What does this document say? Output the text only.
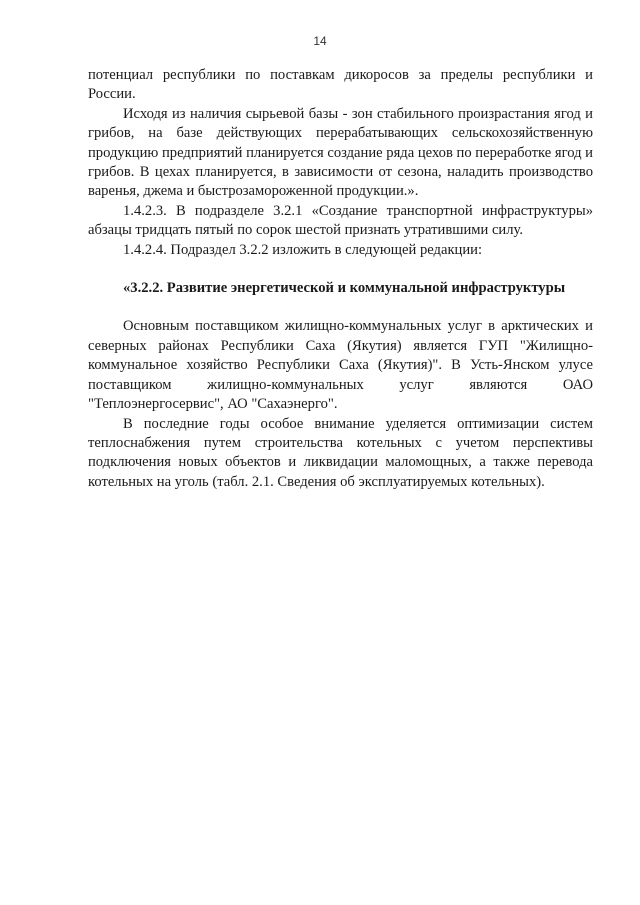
14

потенциал республики по поставкам дикоросов за пределы республики и России.

Исходя из наличия сырьевой базы - зон стабильного произрастания ягод и грибов, на базе действующих перерабатывающих сельскохозяйственную продукцию предприятий планируется создание ряда цехов по переработке ягод и грибов. В цехах планируется, в зависимости от сезона, наладить производство варенья, джема и быстрозамороженной продукции.».

1.4.2.3. В подразделе 3.2.1 «Создание транспортной инфраструктуры» абзацы тридцать пятый по сорок шестой признать утратившими силу.

1.4.2.4. Подраздел 3.2.2 изложить в следующей редакции:

«3.2.2. Развитие энергетической и коммунальной инфраструктуры

Основным поставщиком жилищно-коммунальных услуг в арктических и северных районах Республики Саха (Якутия) является ГУП "Жилищно-коммунальное хозяйство Республики Саха (Якутия)". В Усть-Янском улусе поставщиком жилищно-коммунальных услуг являются ОАО "Теплоэнергосервис", АО "Сахаэнерго".

В последние годы особое внимание уделяется оптимизации систем теплоснабжения путем строительства котельных с учетом перспективы подключения новых объектов и ликвидации маломощных, а также перевода котельных на уголь (табл. 2.1. Сведения об эксплуатируемых котельных).
